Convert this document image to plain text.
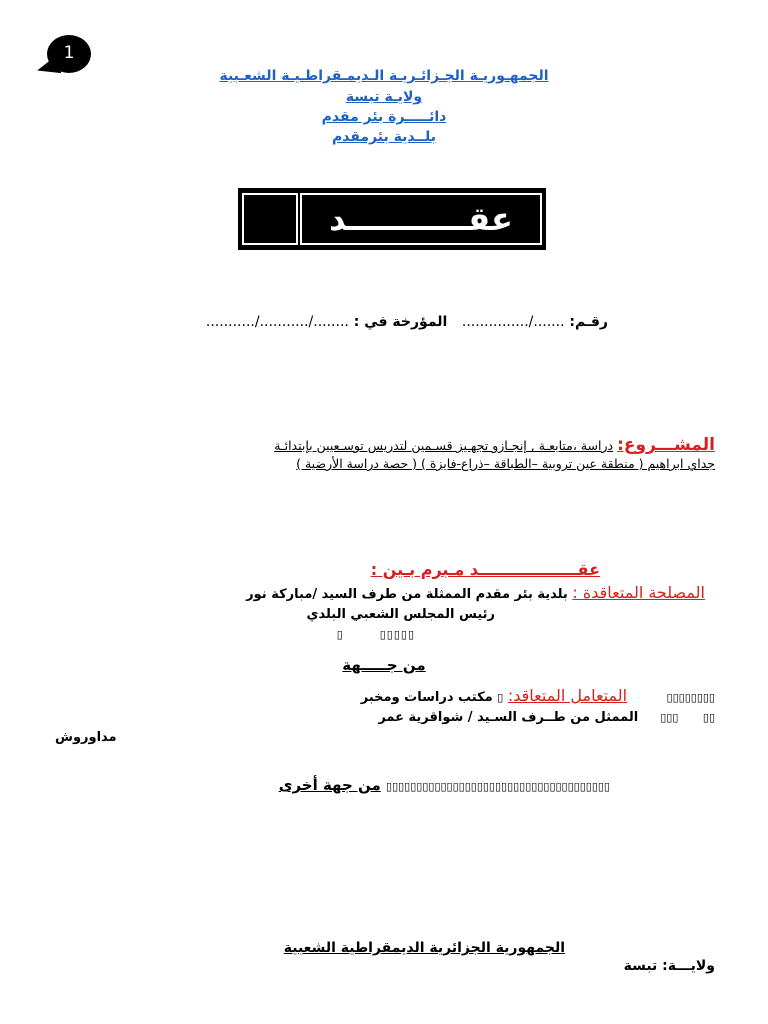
1
الجمهـوريـة الجـزائـريـة الـديمـقراطـيـة الشعـبية
ولايـة تبسة
دائـــــرة بئر مقدم
بلــدية بئرمقدم
عقـــــــــــد
رقـم: ......./...............   المؤرخة في : ......../.........../...........
المشـــروع: دراسة ،متابعـة , إنجـازو تجهـيز قسـمين لتدريس توسـعيين بإبتدائـة
جداي ابراهيم ( منطقة عين تروبية –الطباقة –ذراع-فايزة ) ( حصة دراسة الأرضية )
عقــــــــــــــــــد مـبرم بـين :
المصلحة المتعاقدة : بلدية بئر مقدم الممثلة من طرف السيد /مباركة نور
رئيس المجلس الشعبي البلدي
▯▯▯▯▯        ▯
من جـــــهة
▯▯▯▯▯▯▯▯           المتعامل المتعاقد: ▯ مكتب دراسات ومخبر
▯▯       ▯▯▯      الممثل من طــرف السـيد / شواقرية عمر
مداوروش
▯▯▯▯▯▯▯▯▯▯▯▯▯▯▯▯▯▯▯▯▯▯▯▯▯▯▯▯▯▯▯▯▯▯▯▯▯ من جهة أخرى
الجمهورية الجزائرية الديمقراطية الشعبية
ولايـــة: تبسة
